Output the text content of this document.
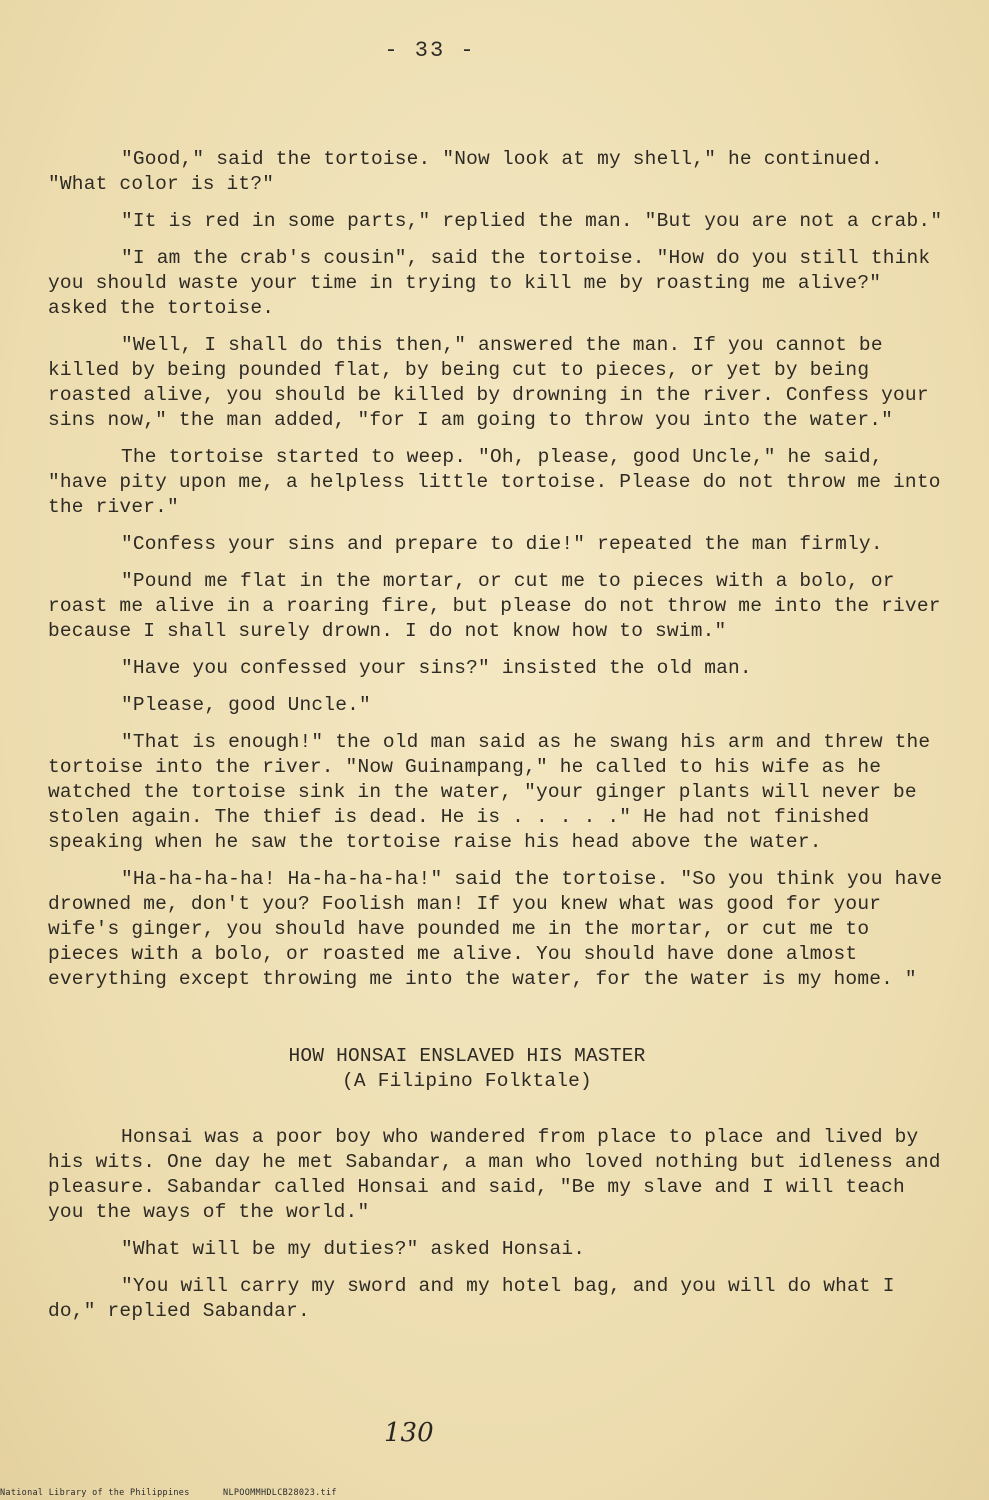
- 33 -

"Good," said the tortoise. "Now look at my shell," he continued. "What color is it?"

"It is red in some parts," replied the man. "But you are not a crab."

"I am the crab's cousin", said the tortoise. "How do you still think you should waste your time in trying to kill me by roasting me alive?" asked the tortoise.

"Well, I shall do this then," answered the man. If you cannot be killed by being pounded flat, by being cut to pieces, or yet by being roasted alive, you should be killed by drowning in the river. Confess your sins now," the man added, "for I am going to throw you into the water."

The tortoise started to weep. "Oh, please, good Uncle," he said, "have pity upon me, a helpless little tortoise. Please do not throw me into the river."

"Confess your sins and prepare to die!" repeated the man firmly.

"Pound me flat in the mortar, or cut me to pieces with a bolo, or roast me alive in a roaring fire, but please do not throw me into the river because I shall surely drown. I do not know how to swim."

"Have you confessed your sins?" insisted the old man.

"Please, good Uncle."

"That is enough!" the old man said as he swang his arm and threw the tortoise into the river. "Now Guinampang," he called to his wife as he watched the tortoise sink in the water, "your ginger plants will never be stolen again. The thief is dead. He is . . . . ." He had not finished speaking when he saw the tortoise raise his head above the water.

"Ha-ha-ha-ha! Ha-ha-ha-ha!" said the tortoise. "So you think you have drowned me, don't you? Foolish man! If you knew what was good for your wife's ginger, you should have pounded me in the mortar, or cut me to pieces with a bolo, or roasted me alive. You should have done almost everything except throwing me into the water, for the water is my home. "

HOW HONSAI ENSLAVED HIS MASTER
(A Filipino Folktale)

Honsai was a poor boy who wandered from place to place and lived by his wits. One day he met Sabandar, a man who loved nothing but idleness and pleasure. Sabandar called Honsai and said, "Be my slave and I will teach you the ways of the world."

"What will be my duties?" asked Honsai.

"You will carry my sword and my hotel bag, and you will do what I do," replied Sabandar.

130
National Library of the Philippines	NLPOOMMHDLCB28023.tif
